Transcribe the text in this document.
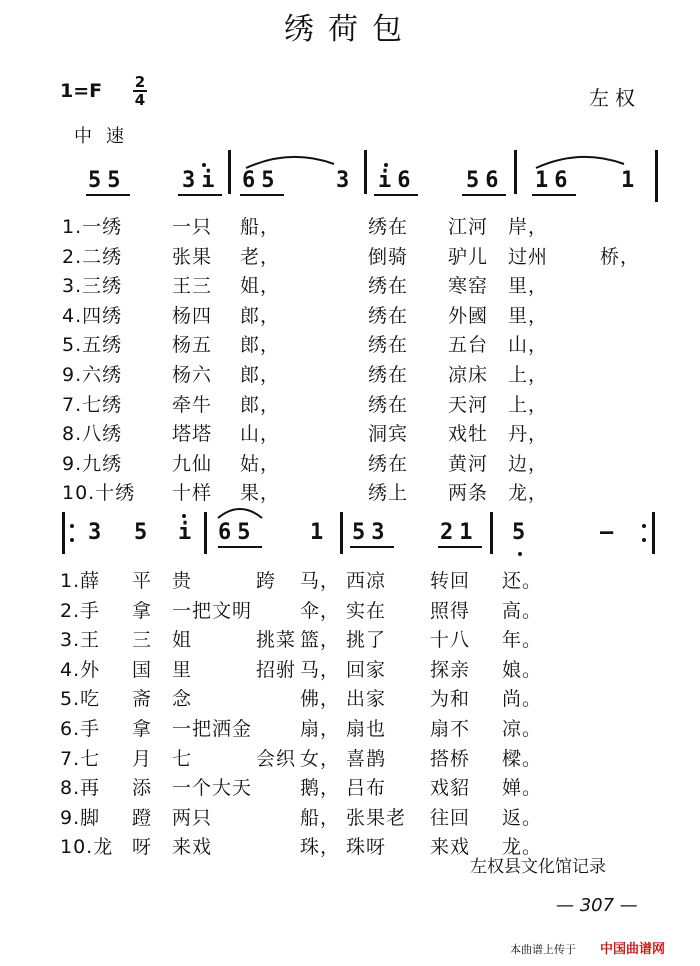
绣荷包
1=F 2
4	左权
中速
55	3i 65	3 i6 56 16 1
1.一绣	一只 船，	绣在 江河 岸，
2.二绣	张果 老，	倒骑 驴儿 过州	桥，
3.三绣	王三 姐，	绣在 寒窑 里，
4.四绣	杨四 郎，	绣在 外國 里，
5.五绣	杨五 郎，	绣在 五台 山，
9.六绣	杨六 郎，	绣在 凉床 上，
7.七绣	牵牛 郎，	绣在 天河 上，
8.八绣	塔塔 山，	洞宾 戏牡 丹，
9.九绣	九仙 姑，	绣在 黄河 边，
10.十绣 十样 果，	绣上 两条 龙，
3 5 i 65 1 53 21 5	—
1.薛 平 贵	跨 马， 西凉 转回 还。
2.手 拿 一把文明	伞， 实在 照得 高。
3.王 三 姐	挑菜 篮， 挑了 十八 年。
4.外 国 里	招驸 马， 回家 探亲 娘。
5.吃 斋 念	佛， 出家 为和 尚。
6.手 拿 一把洒金	扇， 扇也 扇不 凉。
7.七 月 七	会织 女， 喜鹊 搭桥 樑。
8.再 添 一个大天	鹅， 吕布 戏貂 婵。
9.脚 蹬 两只	船， 张果老 往回 返。
10.龙 呀 来戏	珠， 珠呀 来戏 龙。
左权县文化馆记录
— 307 —
本曲谱上传于 中国曲谱网
